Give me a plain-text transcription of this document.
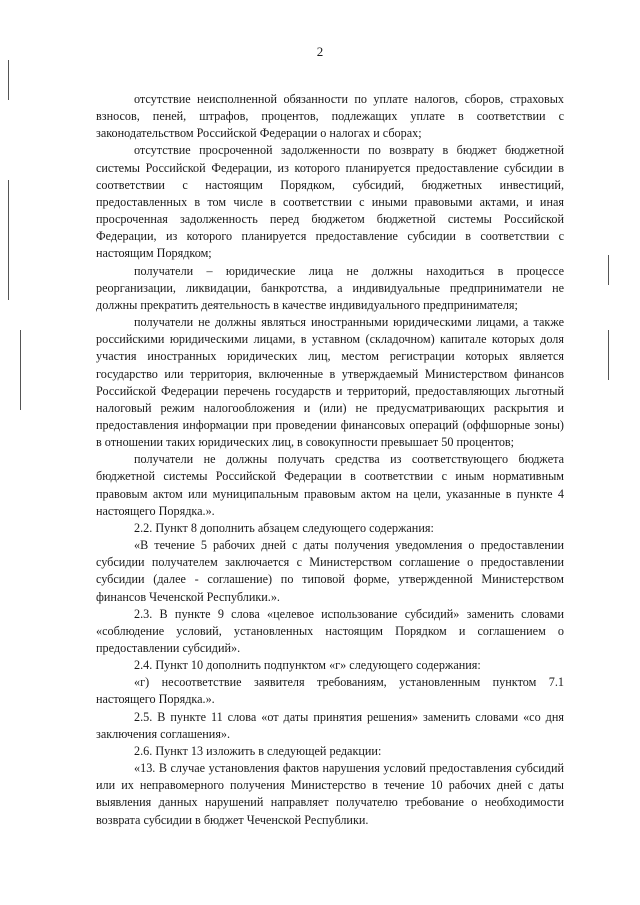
2

отсутствие неисполненной обязанности по уплате налогов, сборов, страховых взносов, пеней, штрафов, процентов, подлежащих уплате в соответствии с законодательством Российской Федерации о налогах и сборах;

отсутствие просроченной задолженности по возврату в бюджет бюджетной системы Российской Федерации, из которого планируется предоставление субсидии в соответствии с настоящим Порядком, субсидий, бюджетных инвестиций, предоставленных в том числе в соответствии с иными правовыми актами, и иная просроченная задолженность перед бюджетом бюджетной системы Российской Федерации, из которого планируется предоставление субсидии в соответствии с настоящим Порядком;

получатели – юридические лица не должны находиться в процессе реорганизации, ликвидации, банкротства, а индивидуальные предприниматели не должны прекратить деятельность в качестве индивидуального предпринимателя;

получатели не должны являться иностранными юридическими лицами, а также российскими юридическими лицами, в уставном (складочном) капитале которых доля участия иностранных юридических лиц, местом регистрации которых является государство или территория, включенные в утверждаемый Министерством финансов Российской Федерации перечень государств и территорий, предоставляющих льготный налоговый режим налогообложения и (или) не предусматривающих раскрытия и предоставления информации при проведении финансовых операций (оффшорные зоны) в отношении таких юридических лиц, в совокупности превышает 50 процентов;

получатели не должны получать средства из соответствующего бюджета бюджетной системы Российской Федерации в соответствии с иным нормативным правовым актом или муниципальным правовым актом на цели, указанные в пункте 4 настоящего Порядка.».

2.2. Пункт 8 дополнить абзацем следующего содержания:

«В течение 5 рабочих дней с даты получения уведомления о предоставлении субсидии получателем заключается с Министерством соглашение о предоставлении субсидии (далее - соглашение) по типовой форме, утвержденной Министерством финансов Чеченской Республики.».

2.3. В пункте 9 слова «целевое использование субсидий» заменить словами «соблюдение условий, установленных настоящим Порядком и соглашением о предоставлении субсидий».

2.4. Пункт 10 дополнить подпунктом «г» следующего содержания:

«г) несоответствие заявителя требованиям, установленным пунктом 7.1 настоящего Порядка.».

2.5. В пункте 11 слова «от даты принятия решения» заменить словами «со дня заключения соглашения».

2.6. Пункт 13 изложить в следующей редакции:

«13. В случае установления фактов нарушения условий предоставления субсидий или их неправомерного получения Министерство в течение 10 рабочих дней с даты выявления данных нарушений направляет получателю требование о необходимости возврата субсидии в бюджет Чеченской Республики.
